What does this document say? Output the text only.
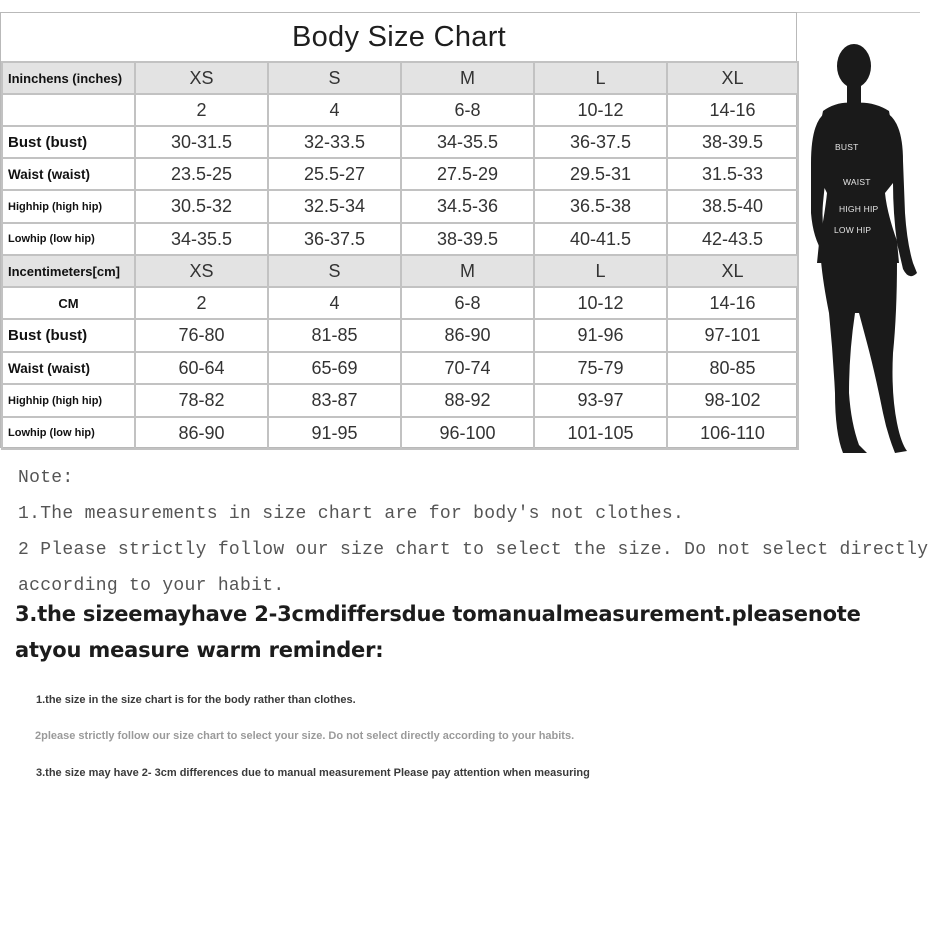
Body Size Chart
Ininchens (inches)	XS	S	M	L	XL
	2	4	6-8	10-12	14-16
Bust (bust)	30-31.5	32-33.5	34-35.5	36-37.5	38-39.5
Waist (waist)	23.5-25	25.5-27	27.5-29	29.5-31	31.5-33
Highhip (high hip)	30.5-32	32.5-34	34.5-36	36.5-38	38.5-40
Lowhip (low hip)	34-35.5	36-37.5	38-39.5	40-41.5	42-43.5
Incentimeters[cm]	XS	S	M	L	XL
CM	2	4	6-8	10-12	14-16
Bust (bust)	76-80	81-85	86-90	91-96	97-101
Waist (waist)	60-64	65-69	70-74	75-79	80-85
Highhip (high hip)	78-82	83-87	88-92	93-97	98-102
Lowhip (low hip)	86-90	91-95	96-100	101-105	106-110
BUST
WAIST
HIGH HIP
LOW HIP
Note:
1.The measurements in size chart are for body's not clothes.
2 Please strictly follow our size chart to select the size. Do not select directly
according to your habit.
3.the sizeemayhave 2-3cmdiffersdue tomanualmeasurement.pleasenote
atyou measure warm reminder:
1.the size in the size chart is for the body rather than clothes.
2please strictly follow our size chart to select your size. Do not select directly according to your habits.
3.the size may have 2- 3cm differences due to manual measurement Please pay attention when measuring
